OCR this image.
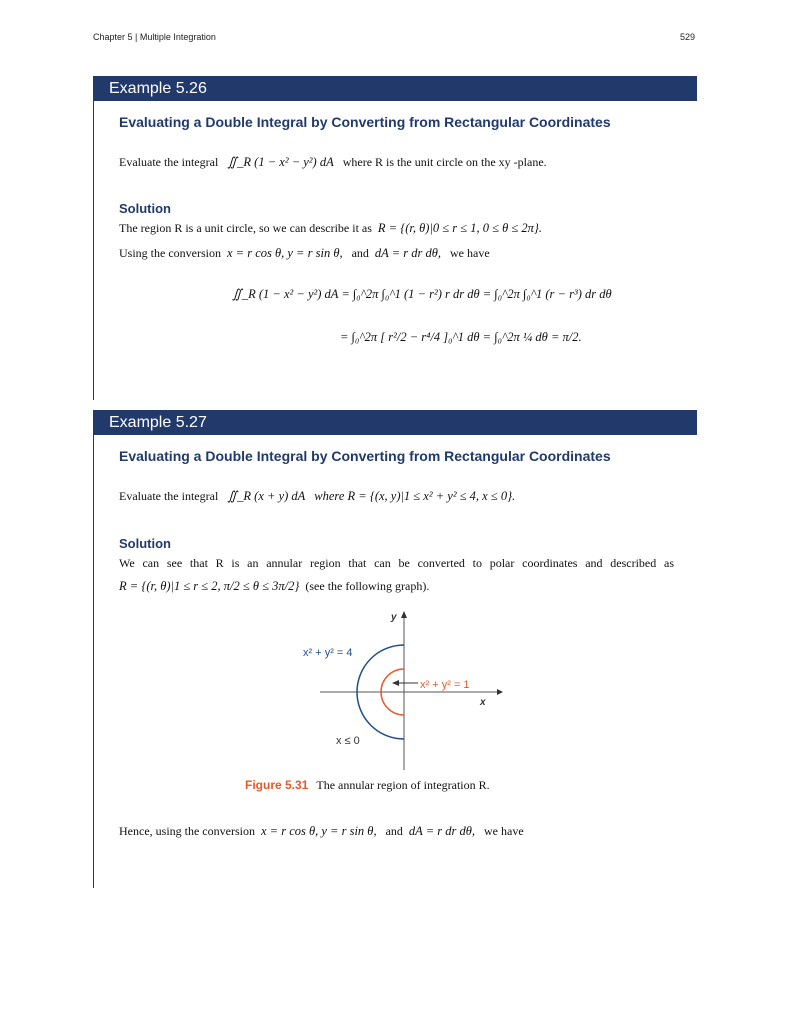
Chapter 5 | Multiple Integration	529
Example 5.26
Evaluating a Double Integral by Converting from Rectangular Coordinates
Evaluate the integral ∬_R (1 − x² − y²) dA where R is the unit circle on the xy -plane.
Solution
The region R is a unit circle, so we can describe it as R = {(r, θ)|0 ≤ r ≤ 1, 0 ≤ θ ≤ 2π}.
Using the conversion x = r cos θ, y = r sin θ, and dA = r dr dθ, we have
∬_R (1 − x² − y²) dA = ∫₀^2π ∫₀^1 (1 − r²) r dr dθ = ∫₀^2π ∫₀^1 (r − r³) dr dθ
= ∫₀^2π [ r²/2 − r⁴/4 ]₀^1 dθ = ∫₀^2π ¼ dθ = π/2.
Example 5.27
Evaluating a Double Integral by Converting from Rectangular Coordinates
Evaluate the integral ∬_R (x + y) dA where R = {(x, y)|1 ≤ x² + y² ≤ 4, x ≤ 0}.
Solution
We can see that R is an annular region that can be converted to polar coordinates and described as
R = {(r, θ)|1 ≤ r ≤ 2, π/2 ≤ θ ≤ 3π/2} (see the following graph).
y
x
x² + y² = 4
x² + y² = 1
x ≤ 0
Figure 5.31 The annular region of integration R.
Hence, using the conversion x = r cos θ, y = r sin θ, and dA = r dr dθ, we have
